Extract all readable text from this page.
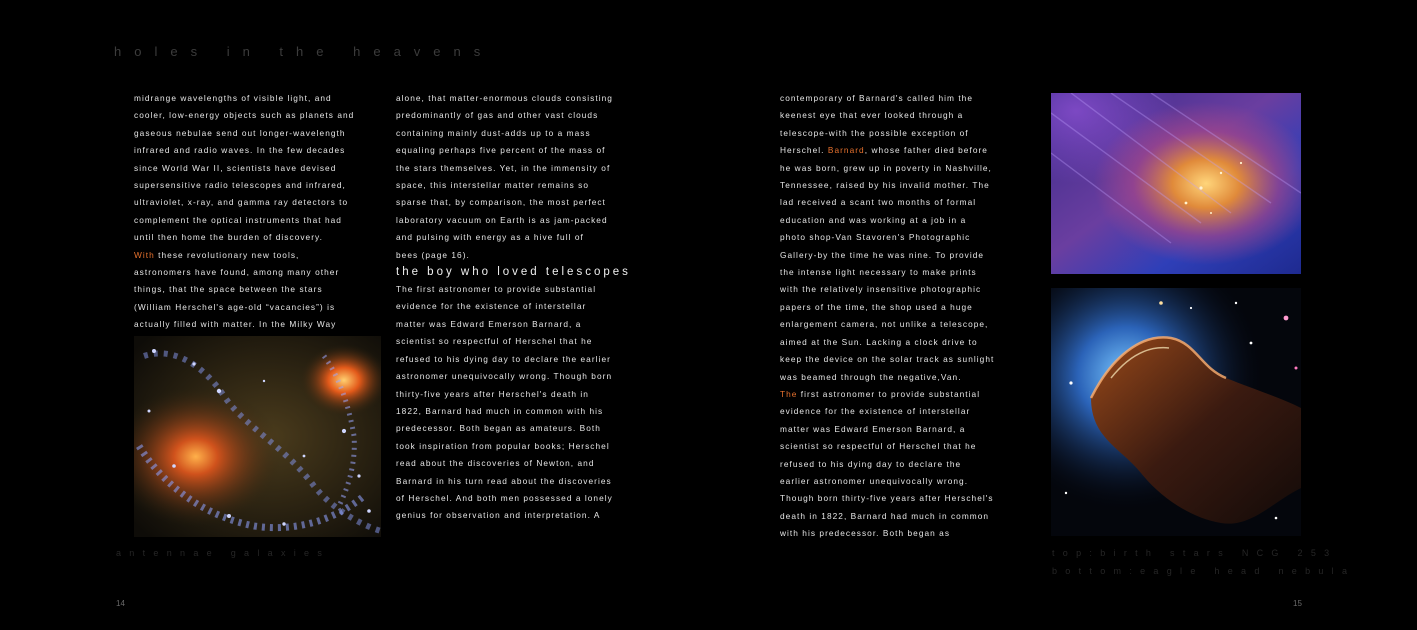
holes in the heavens

midrange wavelengths of visible light, and

cooler, low-energy objects such as planets and

gaseous nebulae send out longer-wavelength

infrared and radio waves. In the few decades

since World War II, scientists have devised

supersensitive radio telescopes and infrared,

ultraviolet, x-ray, and gamma ray detectors to

complement the optical instruments that had

until then home the burden of discovery.

With these revolutionary new tools,

astronomers have found, among many other

things, that the space between the stars

(William Herschel's age-old “vacancies”) is

actually filled with matter. In the Milky Way

antennae galaxies
14

alone, that matter-enormous clouds consisting

predominantly of gas and other vast clouds

containing mainly dust-adds up to a mass

equaling perhaps five percent of the mass of

the stars themselves. Yet, in the immensity of

space, this interstellar matter remains so

sparse that, by comparison, the most perfect

laboratory vacuum on Earth is as jam-packed

and pulsing with energy as a hive full of

bees (page 16).

the boy who loved telescopes

The first astronomer to provide substantial

evidence for the existence of interstellar

matter was Edward Emerson Barnard, a

scientist so respectful of Herschel that he

refused to his dying day to declare the earlier

astronomer unequivocally wrong. Though born

thirty-five years after Herschel's death in

1822, Barnard had much in common with his

predecessor. Both began as amateurs. Both

took inspiration from popular books; Herschel

read about the discoveries of Newton, and

Barnard in his turn read about the discoveries

of Herschel. And both men possessed a lonely

genius for observation and interpretation. A

contemporary of Barnard's called him the

keenest eye that ever looked through a

telescope-with the possible exception of

Herschel. Barnard, whose father died before

he was born, grew up in poverty in Nashville,

Tennessee, raised by his invalid mother. The

lad received a scant two months of formal

education and was working at a job in a

photo shop-Van Stavoren's Photographic

Gallery-by the time he was nine. To provide

the intense light necessary to make prints

with the relatively insensitive photographic

papers of the time, the shop used a huge

enlargement camera, not unlike a telescope,

aimed at the Sun. Lacking a clock drive to

keep the device on the solar track as sunlight

was beamed through the negative,Van.

The first astronomer to provide substantial

evidence for the existence of interstellar

matter was Edward Emerson Barnard, a

scientist so respectful of Herschel that he

refused to his dying day to declare the

earlier astronomer unequivocally wrong.

Though born thirty-five years after Herschel's

death in 1822, Barnard had much in common

with his predecessor. Both began as

top:birth stars NCG 253
bottom:eagle head nebula
15
